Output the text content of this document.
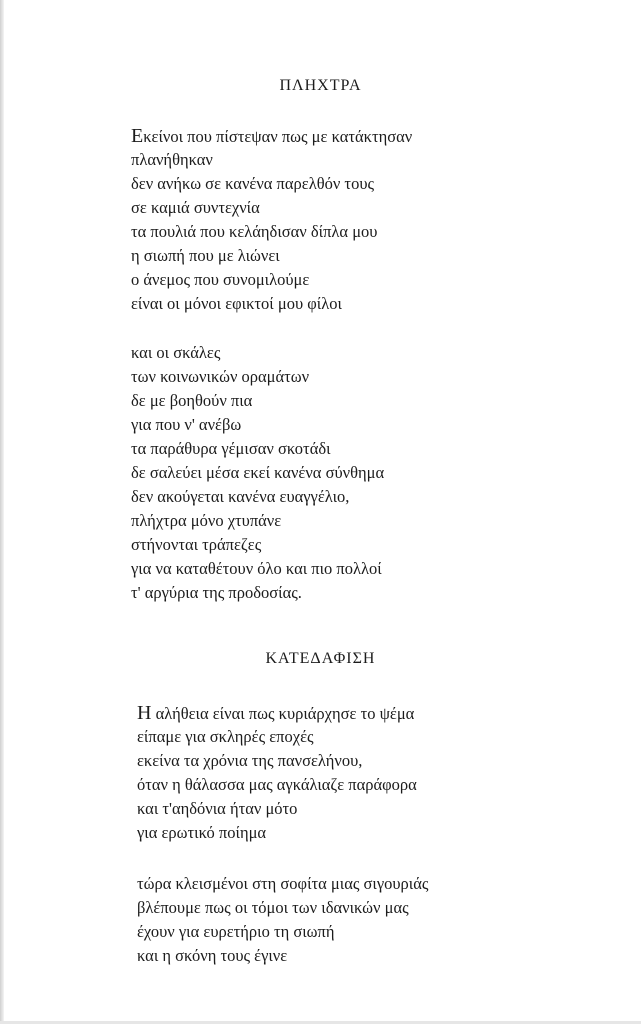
ΠΛΗΧΤΡΑ
Εκείνοι που πίστεψαν πως με κατάκτησαν
πλανήθηκαν
δεν ανήκω σε κανένα παρελθόν τους
σε καμιά συντεχνία
τα πουλιά που κελάηδισαν δίπλα μου
η σιωπή που με λιώνει
ο άνεμος που συνομιλούμε
είναι οι μόνοι εφικτοί μου φίλοι
και οι σκάλες
των κοινωνικών οραμάτων
δε με βοηθούν πια
για που ν' ανέβω
τα παράθυρα γέμισαν σκοτάδι
δε σαλεύει μέσα εκεί κανένα σύνθημα
δεν ακούγεται κανένα ευαγγέλιο,
πλήχτρα μόνο χτυπάνε
στήνονται τράπεζες
για να καταθέτουν όλο και πιο πολλοί
τ' αργύρια της προδοσίας.
ΚΑΤΕΔΑΦΙΣΗ
Η αλήθεια είναι πως κυριάρχησε το ψέμα
είπαμε για σκληρές εποχές
εκείνα τα χρόνια της πανσελήνου,
όταν η θάλασσα μας αγκάλιαζε παράφορα
και τ'αηδόνια ήταν μότο
για ερωτικό ποίημα
τώρα κλεισμένοι στη σοφίτα μιας σιγουριάς
βλέπουμε πως οι τόμοι των ιδανικών μας
έχουν για ευρετήριο τη σιωπή
και η σκόνη τους έγινε
